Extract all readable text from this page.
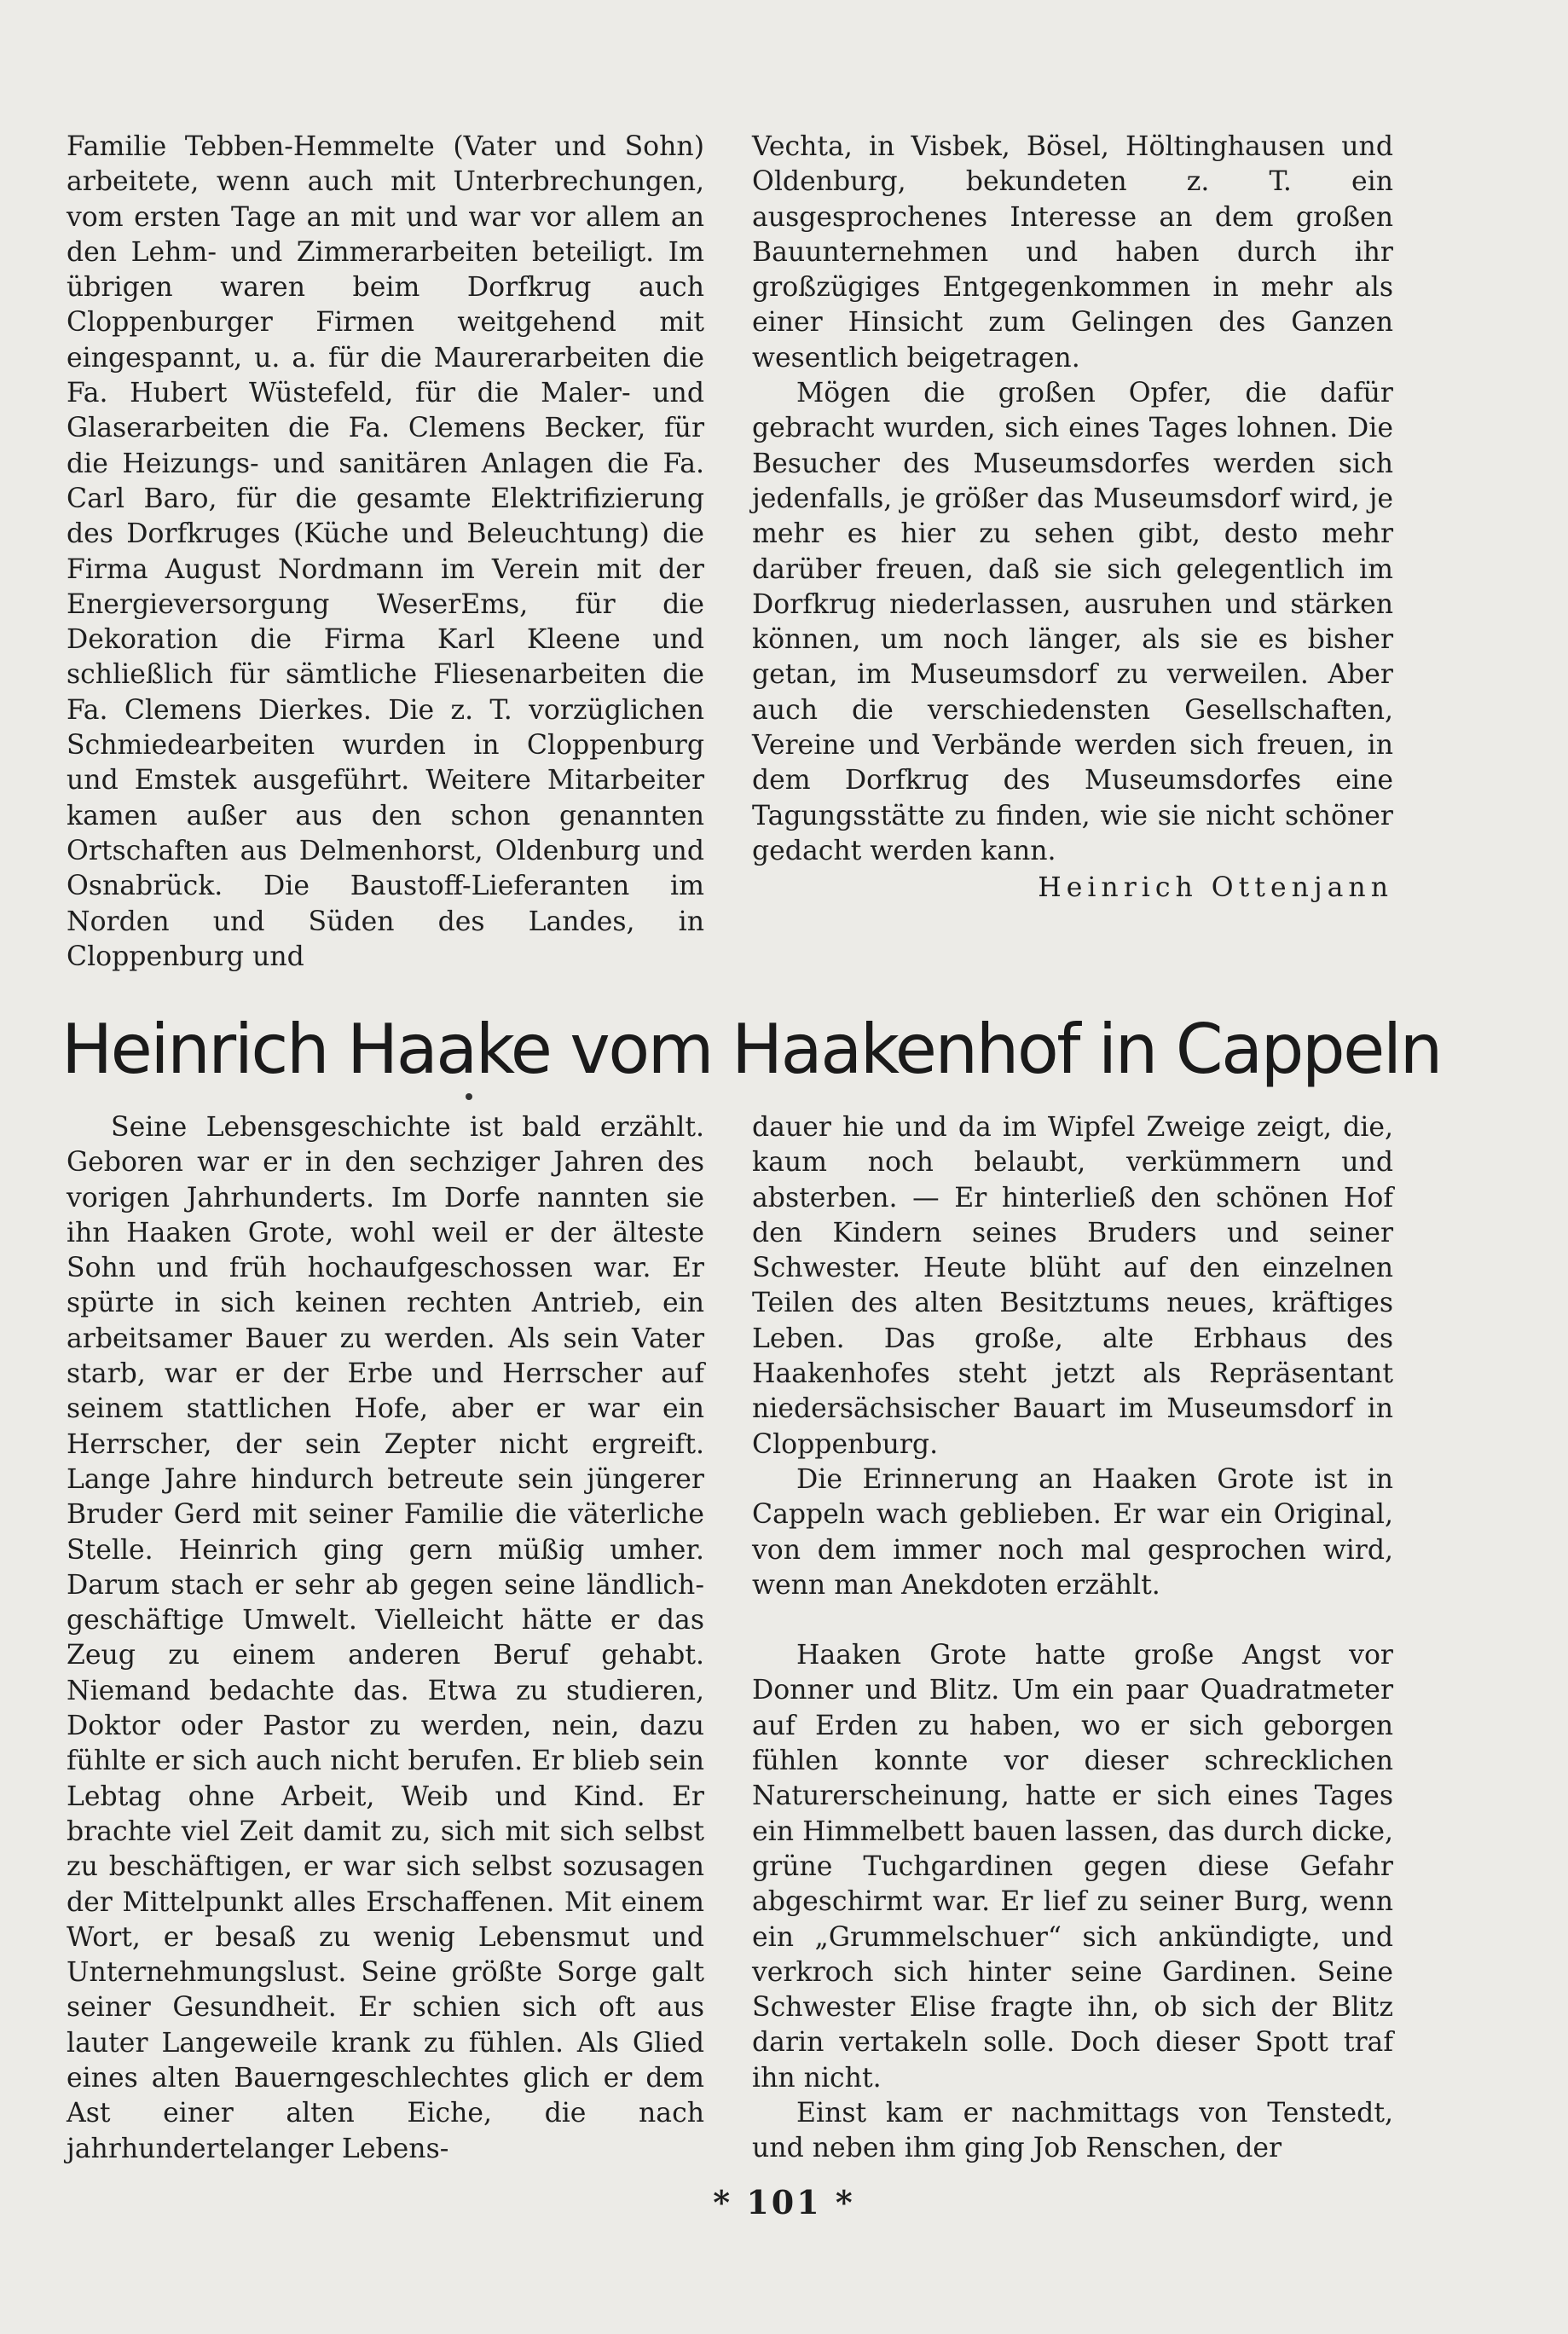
Familie Tebben-Hemmelte (Vater und Sohn) arbeitete, wenn auch mit Unterbrechungen, vom ersten Tage an mit und war vor allem an den Lehm- und Zimmerarbeiten beteiligt. Im übrigen waren beim Dorfkrug auch Cloppenburger Firmen weitgehend mit eingespannt, u. a. für die Maurerarbeiten die Fa. Hubert Wüstefeld, für die Maler- und Glaserarbeiten die Fa. Clemens Becker, für die Heizungs- und sanitären Anlagen die Fa. Carl Baro, für die gesamte Elektrifizierung des Dorfkruges (Küche und Beleuchtung) die Firma August Nordmann im Verein mit der Energieversorgung WeserEms, für die Dekoration die Firma Karl Kleene und schließlich für sämtliche Fliesenarbeiten die Fa. Clemens Dierkes. Die z. T. vorzüglichen Schmiedearbeiten wurden in Cloppenburg und Emstek ausgeführt. Weitere Mitarbeiter kamen außer aus den schon genannten Ortschaften aus Delmenhorst, Oldenburg und Osnabrück. Die Baustoff-Lieferanten im Norden und Süden des Landes, in Cloppenburg und

Vechta, in Visbek, Bösel, Höltinghausen und Oldenburg, bekundeten z. T. ein ausgesprochenes Interesse an dem großen Bauunternehmen und haben durch ihr großzügiges Entgegenkommen in mehr als einer Hinsicht zum Gelingen des Ganzen wesentlich beigetragen.

Mögen die großen Opfer, die dafür gebracht wurden, sich eines Tages lohnen. Die Besucher des Museumsdorfes werden sich jedenfalls, je größer das Museumsdorf wird, je mehr es hier zu sehen gibt, desto mehr darüber freuen, daß sie sich gelegentlich im Dorfkrug niederlassen, ausruhen und stärken können, um noch länger, als sie es bisher getan, im Museumsdorf zu verweilen. Aber auch die verschiedensten Gesellschaften, Vereine und Verbände werden sich freuen, in dem Dorfkrug des Museumsdorfes eine Tagungsstätte zu finden, wie sie nicht schöner gedacht werden kann.

Heinrich Ottenjann
Heinrich Haake vom Haakenhof in Cappeln

Seine Lebensgeschichte ist bald erzählt. Geboren war er in den sechziger Jahren des vorigen Jahrhunderts. Im Dorfe nannten sie ihn Haaken Grote, wohl weil er der älteste Sohn und früh hochaufgeschossen war. Er spürte in sich keinen rechten Antrieb, ein arbeitsamer Bauer zu werden. Als sein Vater starb, war er der Erbe und Herrscher auf seinem stattlichen Hofe, aber er war ein Herrscher, der sein Zepter nicht ergreift. Lange Jahre hindurch betreute sein jüngerer Bruder Gerd mit seiner Familie die väterliche Stelle. Heinrich ging gern müßig umher. Darum stach er sehr ab gegen seine ländlich-geschäftige Umwelt. Vielleicht hätte er das Zeug zu einem anderen Beruf gehabt. Niemand bedachte das. Etwa zu studieren, Doktor oder Pastor zu werden, nein, dazu fühlte er sich auch nicht berufen. Er blieb sein Lebtag ohne Arbeit, Weib und Kind. Er brachte viel Zeit damit zu, sich mit sich selbst zu beschäftigen, er war sich selbst sozusagen der Mittelpunkt alles Erschaffenen. Mit einem Wort, er besaß zu wenig Lebensmut und Unternehmungslust. Seine größte Sorge galt seiner Gesundheit. Er schien sich oft aus lauter Langeweile krank zu fühlen. Als Glied eines alten Bauerngeschlechtes glich er dem Ast einer alten Eiche, die nach jahrhundertelanger Lebens-

dauer hie und da im Wipfel Zweige zeigt, die, kaum noch belaubt, verkümmern und absterben. — Er hinterließ den schönen Hof den Kindern seines Bruders und seiner Schwester. Heute blüht auf den einzelnen Teilen des alten Besitztums neues, kräftiges Leben. Das große, alte Erbhaus des Haakenhofes steht jetzt als Repräsentant niedersächsischer Bauart im Museumsdorf in Cloppenburg.

Die Erinnerung an Haaken Grote ist in Cappeln wach geblieben. Er war ein Original, von dem immer noch mal gesprochen wird, wenn man Anekdoten erzählt.

Haaken Grote hatte große Angst vor Donner und Blitz. Um ein paar Quadratmeter auf Erden zu haben, wo er sich geborgen fühlen konnte vor dieser schrecklichen Naturerscheinung, hatte er sich eines Tages ein Himmelbett bauen lassen, das durch dicke, grüne Tuchgardinen gegen diese Gefahr abgeschirmt war. Er lief zu seiner Burg, wenn ein „Grummelschuer“ sich ankündigte, und verkroch sich hinter seine Gardinen. Seine Schwester Elise fragte ihn, ob sich der Blitz darin vertakeln solle. Doch dieser Spott traf ihn nicht.

Einst kam er nachmittags von Tenstedt, und neben ihm ging Job Renschen, der

* 101 *
